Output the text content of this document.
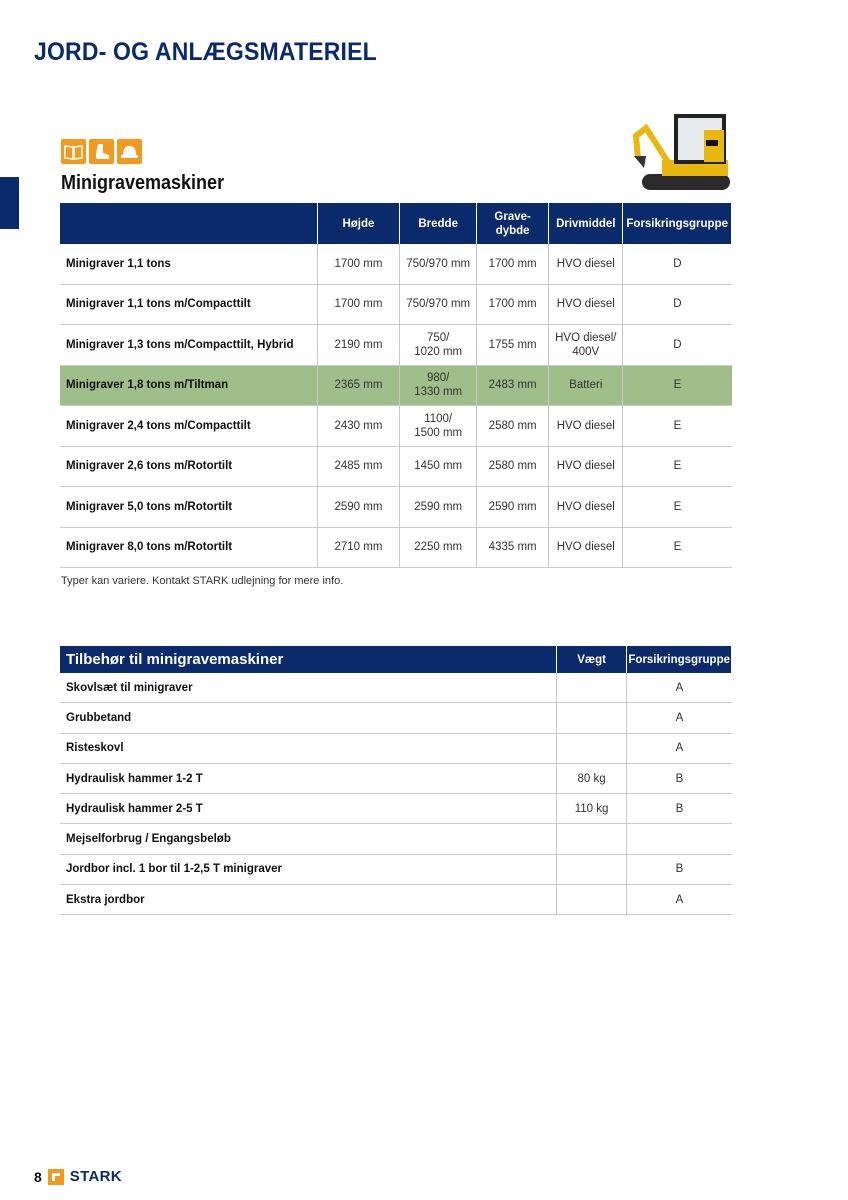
JORD- OG ANLÆGSMATERIEL
Minigravemaskiner
	Højde	Bredde	Grave-
dybde	Drivmiddel	Forsikringsgruppe
Minigraver 1,1 tons	1700 mm	750/970 mm	1700 mm	HVO diesel	D
Minigraver 1,1 tons m/Compacttilt	1700 mm	750/970 mm	1700 mm	HVO diesel	D
Minigraver 1,3 tons m/Compacttilt, Hybrid	2190 mm	750/
1020 mm	1755 mm	HVO diesel/
400V	D
Minigraver 1,8 tons m/Tiltman	2365 mm	980/
1330 mm	2483 mm	Batteri	E
Minigraver 2,4 tons m/Compacttilt	2430 mm	1100/
1500 mm	2580 mm	HVO diesel	E
Minigraver 2,6 tons m/Rotortilt	2485 mm	1450 mm	2580 mm	HVO diesel	E
Minigraver 5,0 tons m/Rotortilt	2590 mm	2590 mm	2590 mm	HVO diesel	E
Minigraver 8,0 tons m/Rotortilt	2710 mm	2250 mm	4335 mm	HVO diesel	E
Typer kan variere. Kontakt STARK udlejning for mere info.
Tilbehør til minigravemaskiner	Vægt	Forsikringsgruppe
Skovlsæt til minigraver		A
Grubbetand		A
Risteskovl		A
Hydraulisk hammer 1-2 T	80 kg	B
Hydraulisk hammer 2-5 T	110 kg	B
Mejselforbrug / Engangsbeløb		
Jordbor incl. 1 bor til 1-2,5 T minigraver		B
Ekstra jordbor		A
8 STARK
